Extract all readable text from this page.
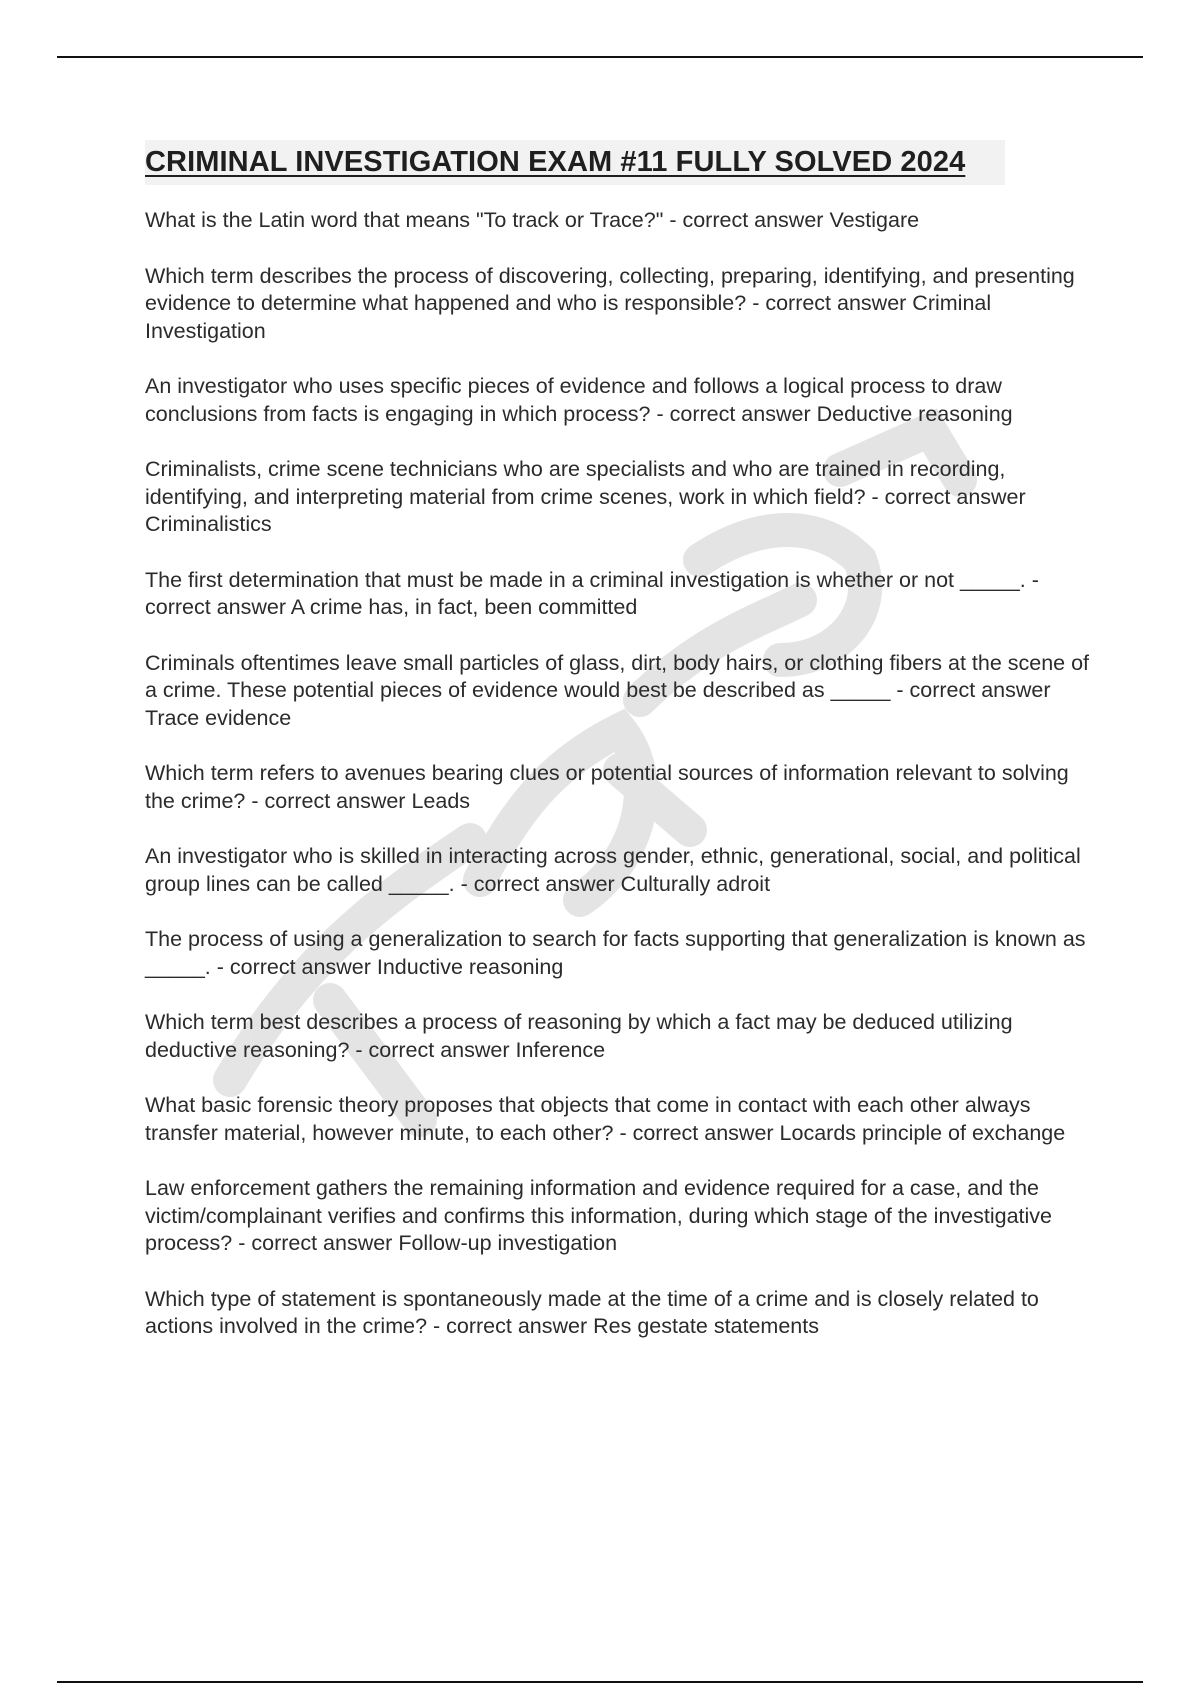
CRIMINAL INVESTIGATION EXAM #11 FULLY SOLVED 2024
What is the Latin word that means "To track or Trace?" - correct answer Vestigare
Which term describes the process of discovering, collecting, preparing, identifying, and presenting evidence to determine what happened and who is responsible? - correct answer Criminal Investigation
An investigator who uses specific pieces of evidence and follows a logical process to draw conclusions from facts is engaging in which process? - correct answer Deductive reasoning
Criminalists, crime scene technicians who are specialists and who are trained in recording, identifying, and interpreting material from crime scenes, work in which field? - correct answer Criminalistics
The first determination that must be made in a criminal investigation is whether or not _____. - correct answer A crime has, in fact, been committed
Criminals oftentimes leave small particles of glass, dirt, body hairs, or clothing fibers at the scene of a crime. These potential pieces of evidence would best be described as _____ - correct answer Trace evidence
Which term refers to avenues bearing clues or potential sources of information relevant to solving the crime? - correct answer Leads
An investigator who is skilled in interacting across gender, ethnic, generational, social, and political group lines can be called _____. - correct answer Culturally adroit
The process of using a generalization to search for facts supporting that generalization is known as _____. - correct answer Inductive reasoning
Which term best describes a process of reasoning by which a fact may be deduced utilizing deductive reasoning? - correct answer Inference
What basic forensic theory proposes that objects that come in contact with each other always transfer material, however minute, to each other? - correct answer Locards principle of exchange
Law enforcement gathers the remaining information and evidence required for a case, and the victim/complainant verifies and confirms this information, during which stage of the investigative process? - correct answer Follow-up investigation
Which type of statement is spontaneously made at the time of a crime and is closely related to actions involved in the crime? - correct answer Res gestate statements
